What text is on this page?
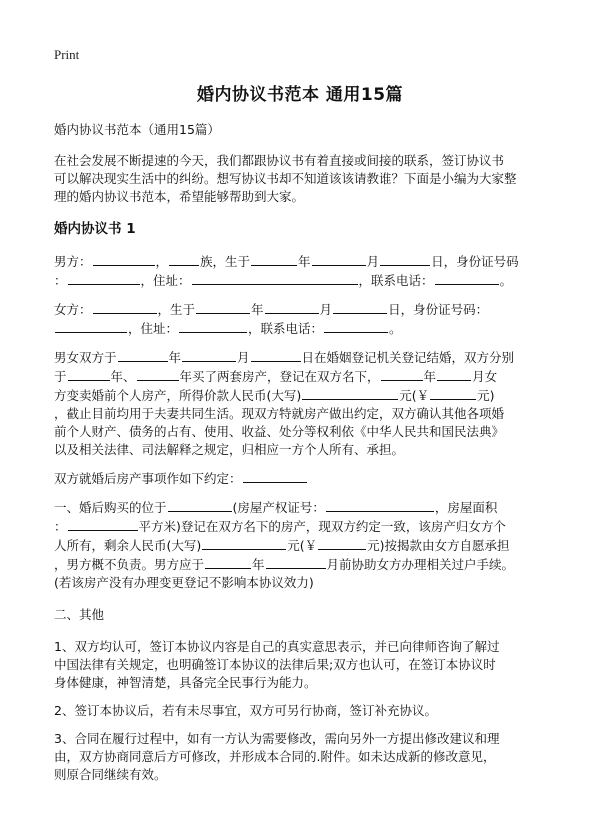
Print
婚内协议书范本 通用15篇

婚内协议书范本（通用15篇）

在社会发展不断提速的今天，我们都跟协议书有着直接或间接的联系，签订协议书

可以解决现实生活中的纠纷。想写协议书却不知道该该请教谁？下面是小编为大家整

理的婚内协议书范本，希望能够帮助到大家。

婚内协议书 1

男方：	，	族，生于	年	月	日，身份证号码

：	，住址：	，联系电话：	。

女方：	，生于	年	月	日，身份证号码：

，住址：	，联系电话：	。

男女双方于	年	月	日在婚姻登记机关登记结婚，双方分别

于	年、	年买了两套房产，登记在双方名下，	年	月女

方变卖婚前个人房产，所得价款人民币(大写)	元(￥	元)

，截止目前均用于夫妻共同生活。现双方特就房产做出约定，双方确认其他各项婚

前个人财产、债务的占有、使用、收益、处分等权利依《中华人民共和国民法典》

以及相关法律、司法解释之规定，归相应一方个人所有、承担。

双方就婚后房产事项作如下约定：

一、婚后购买的位于	(房屋产权证号：	，房屋面积

：	平方米)登记在双方名下的房产，现双方约定一致，该房产归女方个

人所有，剩余人民币(大写)	元(￥	元)按揭款由女方自愿承担

，男方概不负责。男方应于	年	月前协助女方办理相关过户手续。

(若该房产没有办理变更登记不影响本协议效力)

二、其他

1、双方均认可，签订本协议内容是自己的真实意思表示，并已向律师咨询了解过

中国法律有关规定，也明确签订本协议的法律后果;双方也认可，在签订本协议时

身体健康，神智清楚，具备完全民事行为能力。

2、签订本协议后，若有未尽事宜，双方可另行协商，签订补充协议。

3、合同在履行过程中，如有一方认为需要修改，需向另外一方提出修改建议和理

由，双方协商同意后方可修改，并形成本合同的.附件。如未达成新的修改意见，

则原合同继续有效。
